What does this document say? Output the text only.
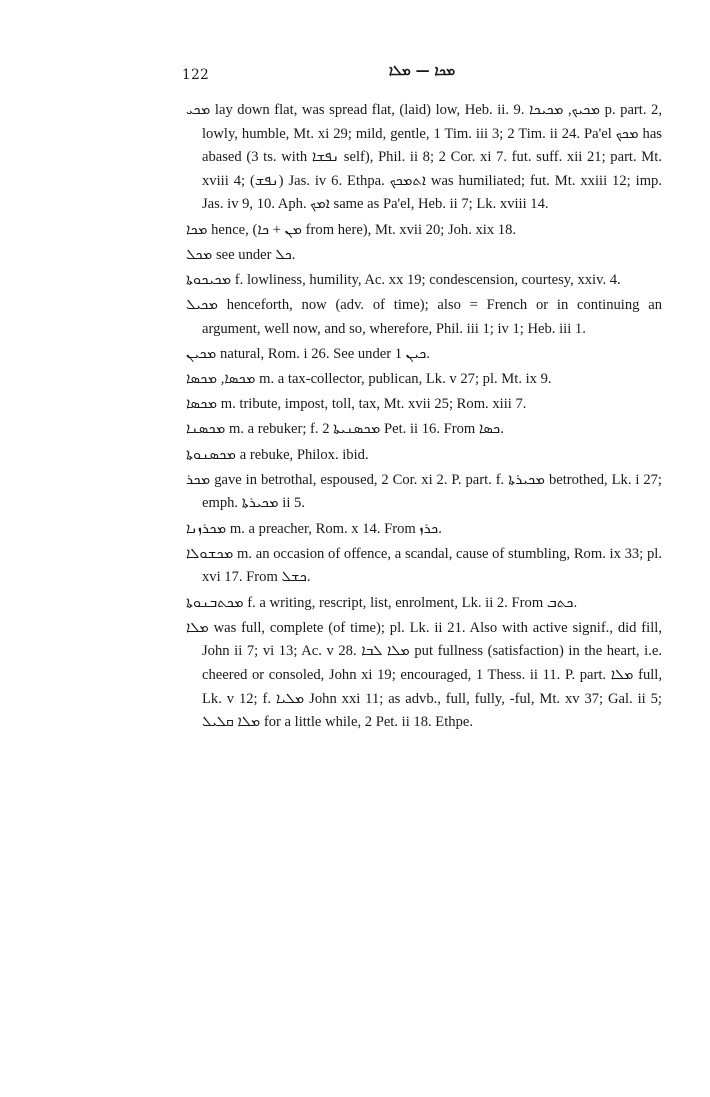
122	ܡܟܐ — ܡܠܐ
ܡܟܝ lay down flat, was spread flat, (laid) low, Heb. ii. 9. ܡܟܝܟ, ܡܟܝܟܐ p. part. 2, lowly, humble, Mt. xi 29; mild, gentle, 1 Tim. iii 3; 2 Tim. ii 24. Pa'el ܡܟܟ has abased (3 ts. with ܢܦܫܐ self), Phil. ii 8; 2 Cor. xi 7. fut. suff. xii 21; part. Mt. xviii 4; (ܢܦܫ) Jas. iv 6. Ethpa. ܐܬܡܟܟ was humiliated; fut. Mt. xxiii 12; imp. Jas. iv 9, 10. Aph. ܐܡܟ same as Pa'el, Heb. ii 7; Lk. xviii 14.
ܡܟܐ hence, (ܡܢ + ܟܐ from here), Mt. xvii 20; Joh. xix 18.
ܡܟܠ see under ܟܠ.
ܡܟܝܟܘܬܐ f. lowliness, humility, Ac. xx 19; condescension, courtesy, xxiv. 4.
ܡܟܝܠ henceforth, now (adv. of time); also = French or in continuing an argument, well now, and so, wherefore, Phil. iii 1; iv 1; Heb. iii 1.
ܡܟܝܢ natural, Rom. i 26. See under ܟܝܢ 1.
ܡܟܣܐ, ܡܟܣܐ m. a tax-collector, publican, Lk. v 27; pl. Mt. ix 9.
ܡܟܣܐ m. tribute, impost, toll, tax, Mt. xvii 25; Rom. xiii 7.
ܡܟܣܢܐ m. a rebuker; f. ܡܟܣܢܝܬܐ 2 Pet. ii 16. From ܟܣܐ.
ܡܟܣܢܘܬܐ a rebuke, Philox. ibid.
ܡܟܪ gave in betrothal, espoused, 2 Cor. xi 2. P. part. f. ܡܟܝܪܬܐ betrothed, Lk. i 27; emph. ܡܟܝܪܬܐ ii 5.
ܡܟܪܙܢܐ m. a preacher, Rom. x 14. From ܟܪܙ.
ܡܟܫܘܠܐ m. an occasion of offence, a scandal, cause of stumbling, Rom. ix 33; pl. xvi 17. From ܟܫܠ.
ܡܟܬܒܢܘܬܐ f. a writing, rescript, list, enrolment, Lk. ii 2. From ܟܬܒ.
ܡܠܐ was full, complete (of time); pl. Lk. ii 21. Also with active signif., did fill, John ii 7; vi 13; Ac. v 28. ܡܠܐ ܠܒܐ put fullness (satisfaction) in the heart, i.e. cheered or consoled, John xi 19; encouraged, 1 Thess. ii 11. P. part. ܡܠܐ full, Lk. v 12; f. ܡܠܝܐ John xxi 11; as advb., full, fully, -ful, Mt. xv 37; Gal. ii 5; ܡܠܐ ܩܠܝܠ for a little while, 2 Pet. ii 18. Ethpe.
